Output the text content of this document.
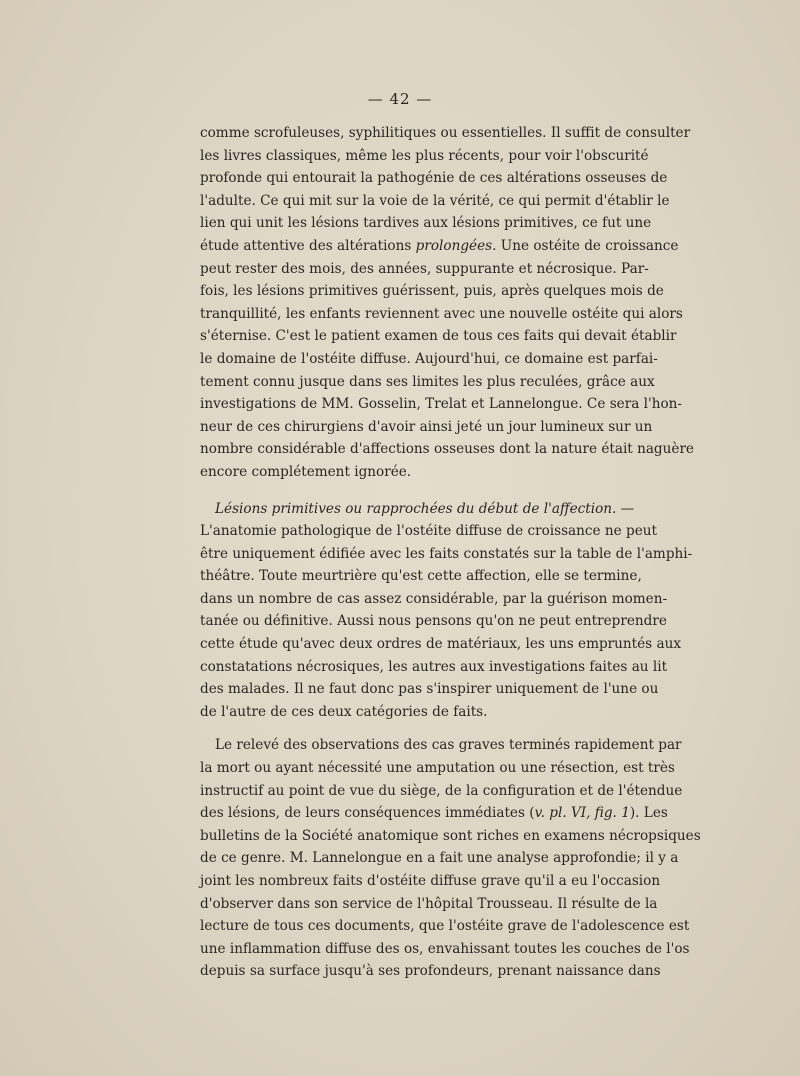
— 42 —
comme scrofuleuses, syphilitiques ou essentielles. Il suffit de consulter
les livres classiques, même les plus récents, pour voir l'obscurité
profonde qui entourait la pathogénie de ces altérations osseuses de
l'adulte. Ce qui mit sur la voie de la vérité, ce qui permit d'établir le
lien qui unit les lésions tardives aux lésions primitives, ce fut une
étude attentive des altérations prolongées. Une ostéite de croissance
peut rester des mois, des années, suppurante et nécrosique. Par-
fois, les lésions primitives guérissent, puis, après quelques mois de
tranquillité, les enfants reviennent avec une nouvelle ostéite qui alors
s'éternise. C'est le patient examen de tous ces faits qui devait établir
le domaine de l'ostéite diffuse. Aujourd'hui, ce domaine est parfai-
tement connu jusque dans ses limites les plus reculées, grâce aux
investigations de MM. Gosselin, Trelat et Lannelongue. Ce sera l'hon-
neur de ces chirurgiens d'avoir ainsi jeté un jour lumineux sur un
nombre considérable d'affections osseuses dont la nature était naguère
encore complétement ignorée.
Lésions primitives ou rapprochées du début de l'affection. —
L'anatomie pathologique de l'ostéite diffuse de croissance ne peut
être uniquement édifiée avec les faits constatés sur la table de l'amphi-
théâtre. Toute meurtrière qu'est cette affection, elle se termine,
dans un nombre de cas assez considérable, par la guérison momen-
tanée ou définitive. Aussi nous pensons qu'on ne peut entreprendre
cette étude qu'avec deux ordres de matériaux, les uns empruntés aux
constatations nécrosiques, les autres aux investigations faites au lit
des malades. Il ne faut donc pas s'inspirer uniquement de l'une ou
de l'autre de ces deux catégories de faits.
Le relevé des observations des cas graves terminés rapidement par
la mort ou ayant nécessité une amputation ou une résection, est très
instructif au point de vue du siège, de la configuration et de l'étendue
des lésions, de leurs conséquences immédiates (v. pl. VI, fig. 1). Les
bulletins de la Société anatomique sont riches en examens nécropsiques
de ce genre. M. Lannelongue en a fait une analyse approfondie; il y a
joint les nombreux faits d'ostéite diffuse grave qu'il a eu l'occasion
d'observer dans son service de l'hôpital Trousseau. Il résulte de la
lecture de tous ces documents, que l'ostéite grave de l'adolescence est
une inflammation diffuse des os, envahissant toutes les couches de l'os
depuis sa surface jusqu'à ses profondeurs, prenant naissance dans
